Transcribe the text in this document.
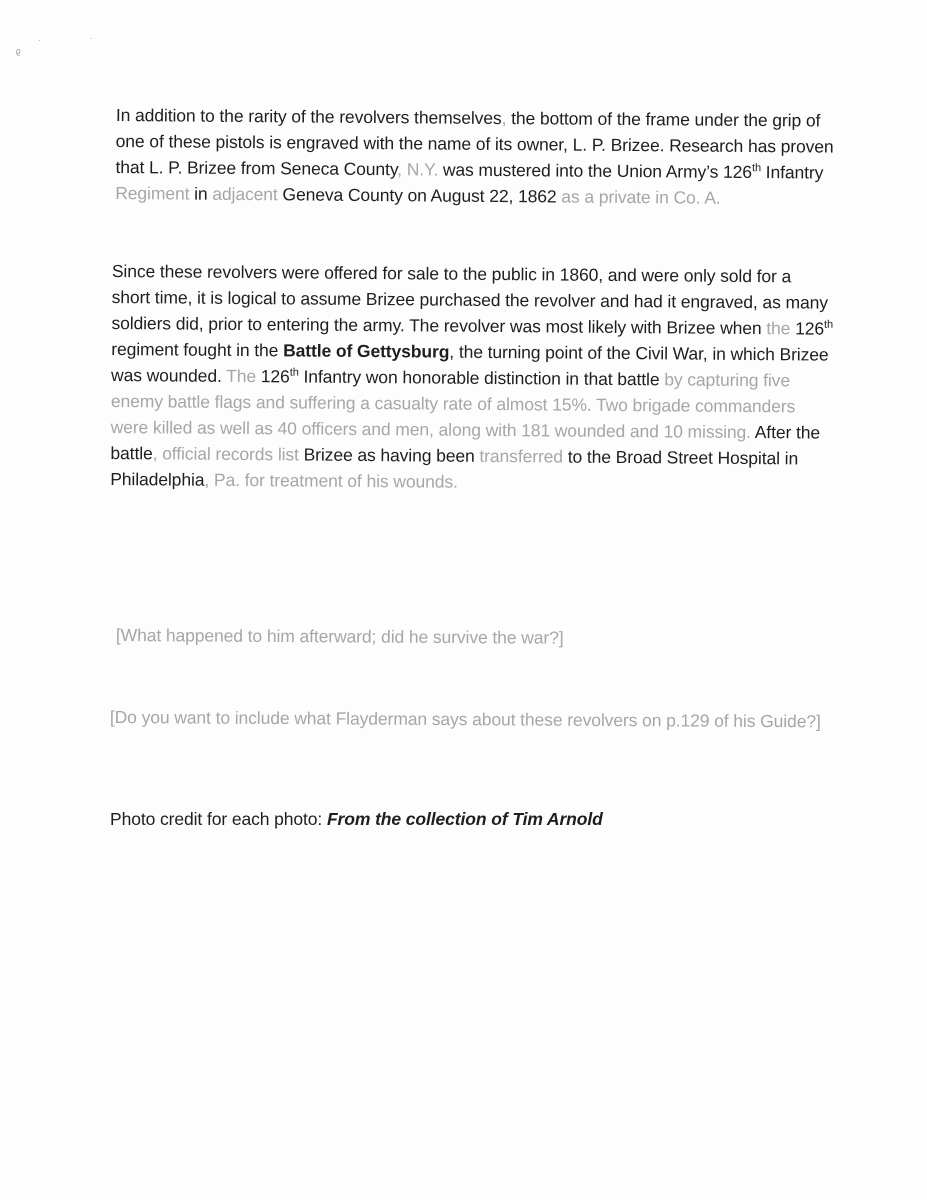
ᵨ
·	·

In addition to the rarity of the revolvers themselves, the bottom of the frame under the grip of one of these pistols is engraved with the name of its owner, L. P. Brizee. Research has proven that L. P. Brizee from Seneca County, N.Y. was mustered into the Union Army’s 126th Infantry Regiment in adjacent Geneva County on August 22, 1862 as a private in Co. A.

Since these revolvers were offered for sale to the public in 1860, and were only sold for a short time, it is logical to assume Brizee purchased the revolver and had it engraved, as many soldiers did, prior to entering the army. The revolver was most likely with Brizee when the 126th regiment fought in the Battle of Gettysburg, the turning point of the Civil War, in which Brizee was wounded. The 126th Infantry won honorable distinction in that battle by capturing five enemy battle flags and suffering a casualty rate of almost 15%. Two brigade commanders were killed as well as 40 officers and men, along with 181 wounded and 10 missing. After the battle, official records list Brizee as having been transferred to the Broad Street Hospital in Philadelphia, Pa. for treatment of his wounds.

[What happened to him afterward; did he survive the war?]

[Do you want to include what Flayderman says about these revolvers on p.129 of his Guide?]

Photo credit for each photo: From the collection of Tim Arnold
